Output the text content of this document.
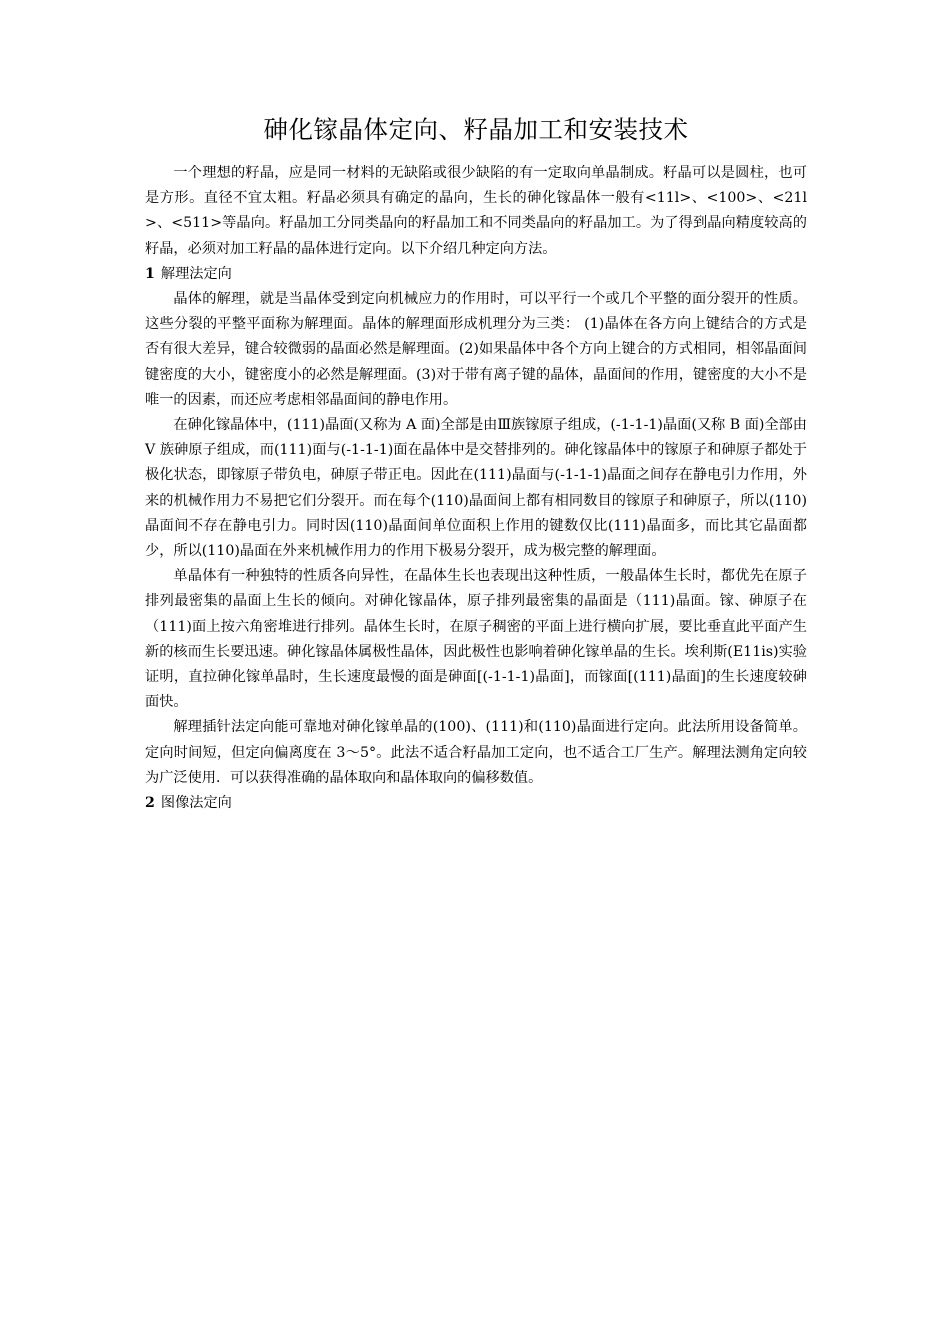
砷化镓晶体定向、籽晶加工和安装技术

一个理想的籽晶，应是同一材料的无缺陷或很少缺陷的有一定取向单晶制成。籽晶可以是圆柱，也可是方形。直径不宜太粗。籽晶必须具有确定的晶向，生长的砷化镓晶体一般有<11l>、<100>、<21l>、<511>等晶向。籽晶加工分同类晶向的籽晶加工和不同类晶向的籽晶加工。为了得到晶向精度较高的籽晶，必须对加工籽晶的晶体进行定向。以下介绍几种定向方法。

1 解理法定向

晶体的解理，就是当晶体受到定向机械应力的作用时，可以平行一个或几个平整的面分裂开的性质。这些分裂的平整平面称为解理面。晶体的解理面形成机理分为三类： (1)晶体在各方向上键结合的方式是否有很大差异，键合较微弱的晶面必然是解理面。(2)如果晶体中各个方向上键合的方式相同，相邻晶面间键密度的大小，键密度小的必然是解理面。(3)对于带有离子键的晶体，晶面间的作用，键密度的大小不是唯一的因素，而还应考虑相邻晶面间的静电作用。

在砷化镓晶体中，(111)晶面(又称为 A 面)全部是由Ⅲ族镓原子组成，(-1-1-1)晶面(又称 B 面)全部由 V 族砷原子组成，而(111)面与(-1-1-1)面在晶体中是交替排列的。砷化镓晶体中的镓原子和砷原子都处于极化状态，即镓原子带负电，砷原子带正电。因此在(111)晶面与(-1-1-1)晶面之间存在静电引力作用，外来的机械作用力不易把它们分裂开。而在每个(110)晶面间上都有相同数目的镓原子和砷原子，所以(110)晶面间不存在静电引力。同时因(110)晶面间单位面积上作用的键数仅比(111)晶面多，而比其它晶面都少，所以(110)晶面在外来机械作用力的作用下极易分裂开，成为极完整的解理面。

单晶体有一种独特的性质各向异性，在晶体生长也表现出这种性质，一般晶体生长时，都优先在原子排列最密集的晶面上生长的倾向。对砷化镓晶体，原子排列最密集的晶面是（111)晶面。镓、砷原子在（111)面上按六角密堆进行排列。晶体生长时，在原子稠密的平面上进行横向扩展，要比垂直此平面产生新的核而生长要迅速。砷化镓晶体属极性晶体，因此极性也影响着砷化镓单晶的生长。埃利斯(E11is)实验证明，直拉砷化镓单晶时，生长速度最慢的面是砷面[(-1-1-1)晶面]，而镓面[(111)晶面]的生长速度较砷面快。

解理插针法定向能可靠地对砷化镓单晶的(100)、(111)和(110)晶面进行定向。此法所用设备简单。定向时间短，但定向偏离度在 3～5°。此法不适合籽晶加工定向，也不适合工厂生产。解理法测角定向较为广泛使用．可以获得准确的晶体取向和晶体取向的偏移数值。

2 图像法定向
